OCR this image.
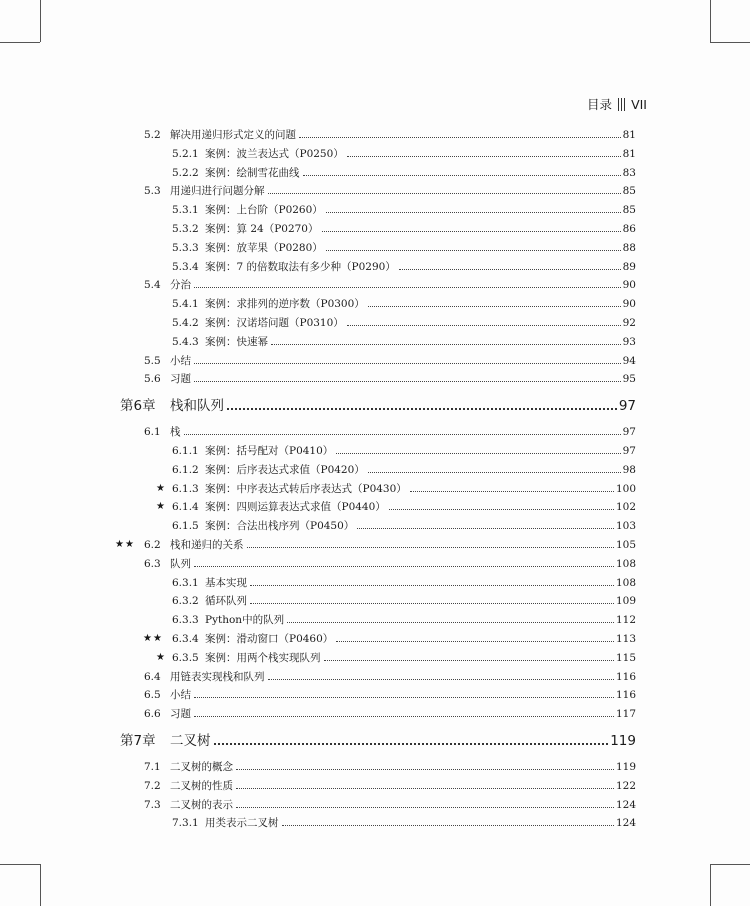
目录 VII
5.2 解决用递归形式定义的问题	81
5.2.1 案例：波兰表达式（P0250）	81
5.2.2 案例：绘制雪花曲线	83
5.3 用递归进行问题分解	85
5.3.1 案例：上台阶（P0260）	85
5.3.2 案例：算 24（P0270）	86
5.3.3 案例：放苹果（P0280）	88
5.3.4 案例：7 的倍数取法有多少种（P0290）	89
5.4 分治	90
5.4.1 案例：求排列的逆序数（P0300）	90
5.4.2 案例：汉诺塔问题（P0310）	92
5.4.3 案例：快速幂	93
5.5 小结	94
5.6 习题	95
第6章	栈和队列	97
6.1 栈	97
6.1.1 案例：括号配对（P0410）	97
6.1.2 案例：后序表达式求值（P0420）	98
★ 6.1.3 案例：中序表达式转后序表达式（P0430）	100
★ 6.1.4 案例：四则运算表达式求值（P0440）	102
6.1.5 案例：合法出栈序列（P0450）	103
★★ 6.2 栈和递归的关系	105
6.3 队列	108
6.3.1 基本实现	108
6.3.2 循环队列	109
6.3.3 Python中的队列	112
★★ 6.3.4 案例：滑动窗口（P0460）	113
★ 6.3.5 案例：用两个栈实现队列	115
6.4 用链表实现栈和队列	116
6.5 小结	116
6.6 习题	117
第7章	二叉树	119
7.1 二叉树的概念	119
7.2 二叉树的性质	122
7.3 二叉树的表示	124
7.3.1 用类表示二叉树	124
